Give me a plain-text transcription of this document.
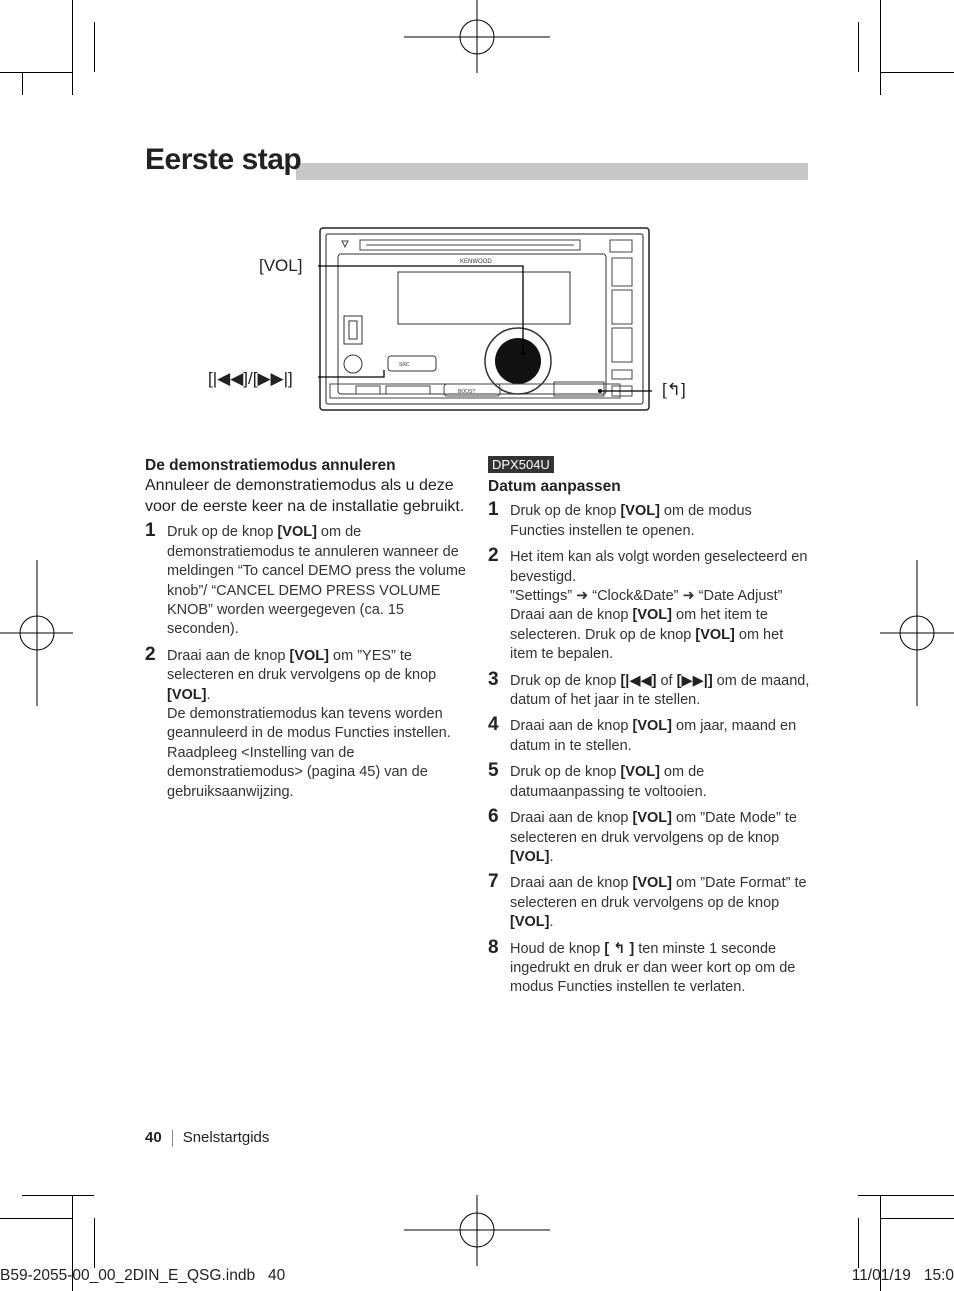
Eerste stap
KENWOOD
SRC
BOOST
[VOL]
[|◀◀]/[▶▶|]
[↰]
De demonstratiemodus annuleren
Annuleer de demonstratiemodus als u deze voor de eerste keer na de installatie gebruikt.
1 Druk op de knop [VOL] om de demonstratiemodus te annuleren wanneer de meldingen “To cancel DEMO press the volume knob”/ “CANCEL DEMO PRESS VOLUME KNOB” worden weergegeven (ca. 15 seconden).

2 Draai aan de knop [VOL] om ”YES” te selecteren en druk vervolgens op de knop [VOL].

De demonstratiemodus kan tevens worden geannuleerd in de modus Functies instellen. Raadpleeg <Instelling van de demonstratiemodus> (pagina 45) van de gebruiksaanwijzing.

DPX504U
Datum aanpassen
1 Druk op de knop [VOL] om de modus Functies instellen te openen.

2 Het item kan als volgt worden geselecteerd en bevestigd.

”Settings” ➜ “Clock&Date” ➜ “Date Adjust”

Draai aan de knop [VOL] om het item te selecteren. Druk op de knop [VOL] om het item te bepalen.

3 Druk op de knop [|◀◀] of [▶▶|] om de maand, datum of het jaar in te stellen.

4 Draai aan de knop [VOL] om jaar, maand en datum in te stellen.

5 Druk op de knop [VOL] om de datumaanpassing te voltooien.

6 Draai aan de knop [VOL] om ”Date Mode” te selecteren en druk vervolgens op de knop [VOL].

7 Draai aan de knop [VOL] om ”Date Format” te selecteren en druk vervolgens op de knop [VOL].

8 Houd de knop [ ↰ ] ten minste 1 seconde ingedrukt en druk er dan weer kort op om de modus Functies instellen te verlaten.

40 Snelstartgids
B59-2055-00_00_2DIN_E_QSG.indb   40	11/01/19   15:0
